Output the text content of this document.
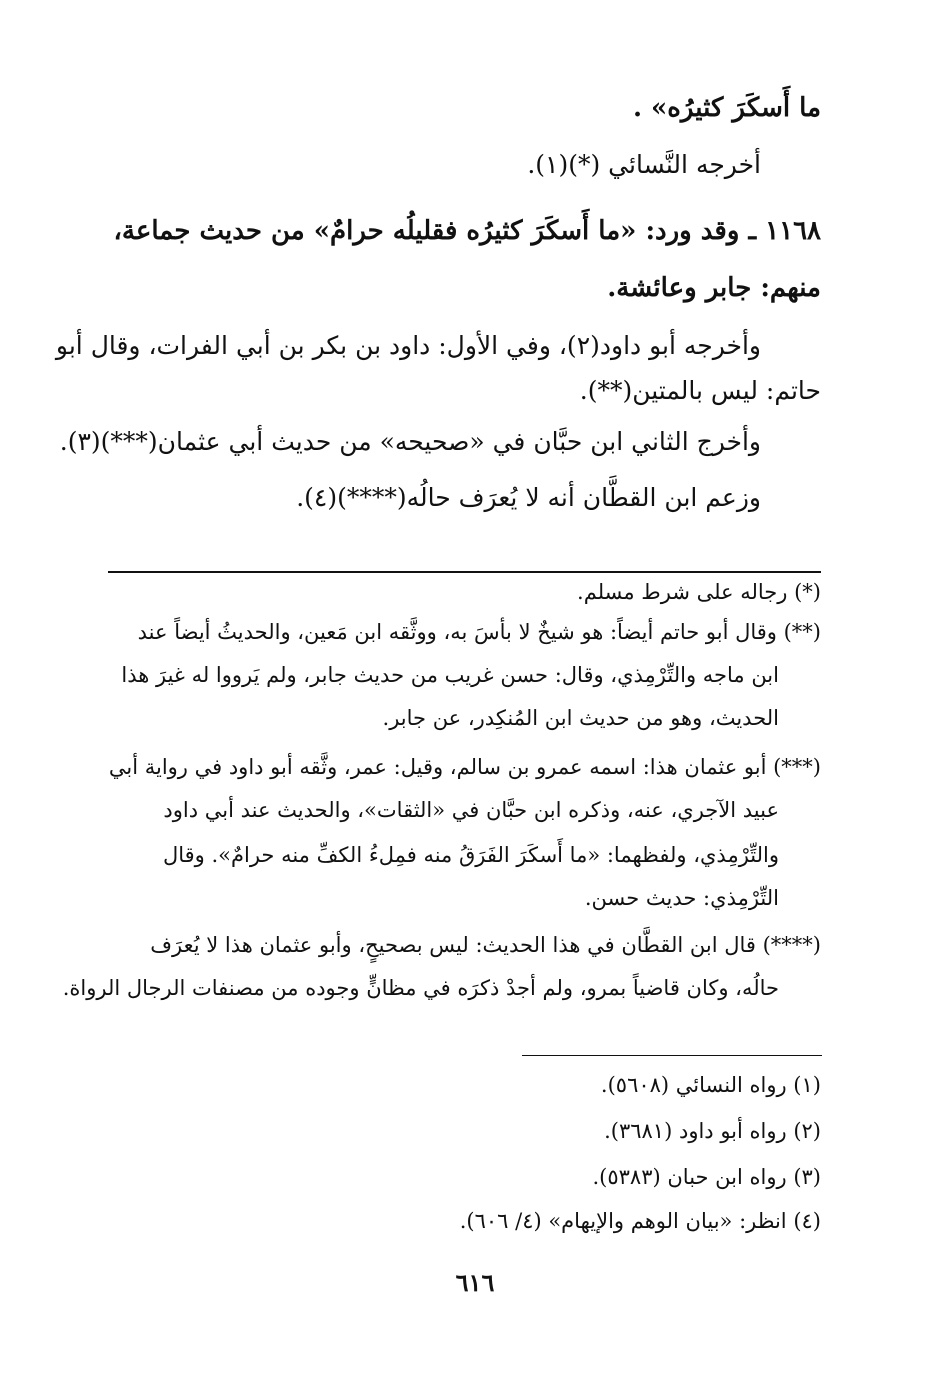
ما أَسكَرَ كثيرُه» .
أخرجه النَّسائي (*)(١).
١١٦٨ ـ وقد ورد: «ما أَسكَرَ كثيرُه فقليلُه حرامٌ» من حديث جماعة،
منهم: جابر وعائشة.
وأخرجه أبو داود(٢)، وفي الأول: داود بن بكر بن أبي الفرات، وقال أبو
حاتم: ليس بالمتين(**).
وأخرج الثاني ابن حبَّان في «صحيحه» من حديث أبي عثمان(***)(٣).
وزعم ابن القطَّان أنه لا يُعرَف حالُه(****)(٤).
(*) رجاله على شرط مسلم.
(**) وقال أبو حاتم أيضاً: هو شيخٌ لا بأسَ به، ووثَّقه ابن مَعين، والحديثُ أيضاً عند
ابن ماجه والتِّرْمِذي، وقال: حسن غريب من حديث جابر، ولم يَرووا له غيرَ هذا
الحديث، وهو من حديث ابن المُنكِدر، عن جابر.
(***) أبو عثمان هذا: اسمه عمرو بن سالم، وقيل: عمر، وثَّقه أبو داود في رواية أبي
عبيد الآجري، عنه، وذكره ابن حبَّان في «الثقات»، والحديث عند أبي داود
والتِّرْمِذي، ولفظهما: «ما أَسكَرَ الفَرَقُ منه فمِلءُ الكفِّ منه حرامٌ». وقال
التِّرْمِذي: حديث حسن.
(****) قال ابن القطَّان في هذا الحديث: ليس بصحيحٍ، وأبو عثمان هذا لا يُعرَف
حالُه، وكان قاضياً بمرو، ولم أجدْ ذكرَه في مظانٍّ وجوده من مصنفات الرجال الرواة.
(١) رواه النسائي (٥٦٠٨).
(٢) رواه أبو داود (٣٦٨١).
(٣) رواه ابن حبان (٥٣٨٣).
(٤) انظر: «بيان الوهم والإيهام» (٤/ ٦٠٦).
٦١٦
